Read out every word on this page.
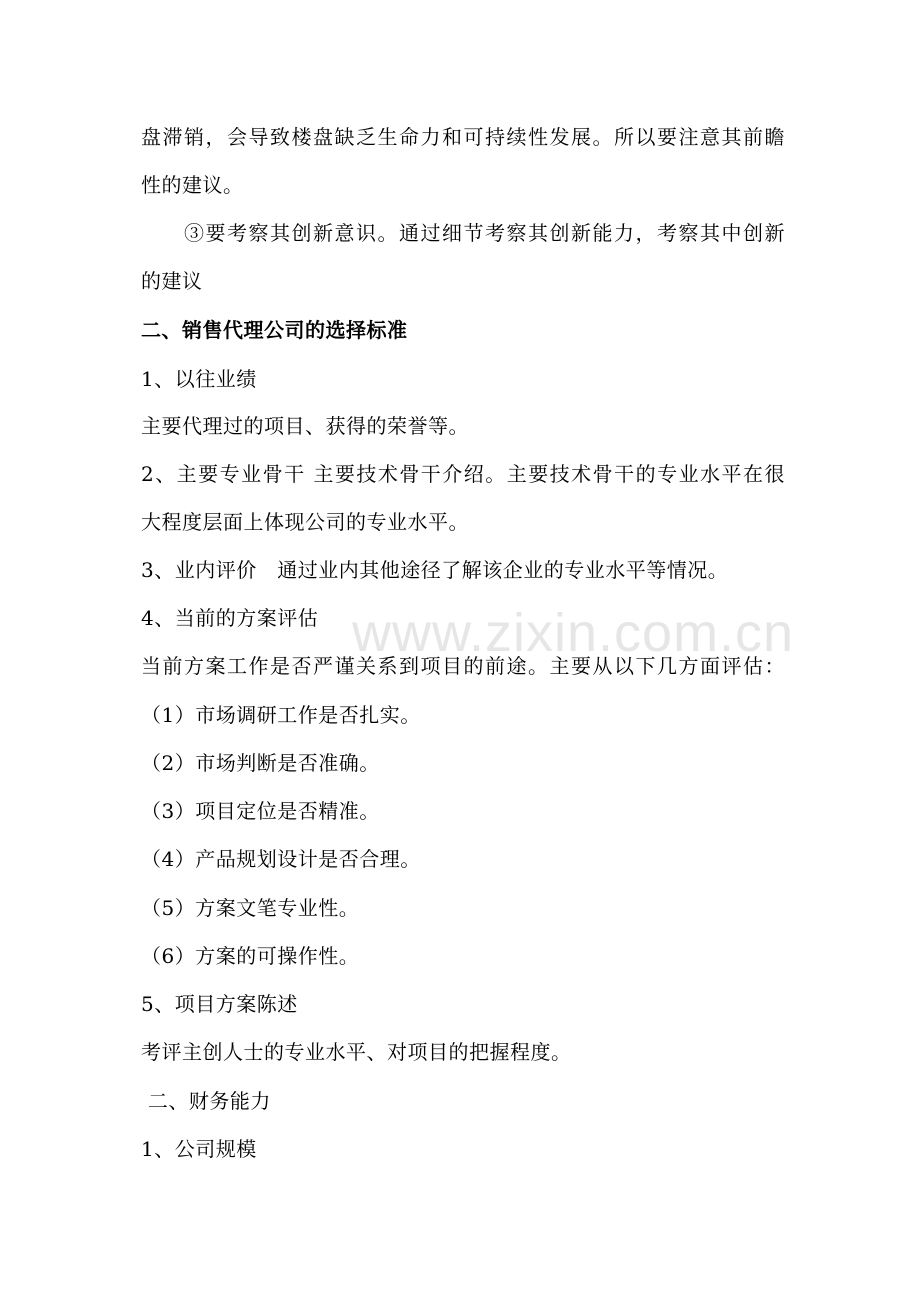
www.zixin.com.cn
盘滞销，会导致楼盘缺乏生命力和可持续性发展。所以要注意其前瞻
性的建议。
③要考察其创新意识。通过细节考察其创新能力，考察其中创新
的建议
二、销售代理公司的选择标准
1、以往业绩
主要代理过的项目、获得的荣誉等。
2、主要专业骨干 主要技术骨干介绍。主要技术骨干的专业水平在很
大程度层面上体现公司的专业水平。
3、业内评价   通过业内其他途径了解该企业的专业水平等情况。
4、当前的方案评估
当前方案工作是否严谨关系到项目的前途。主要从以下几方面评估：
（1）市场调研工作是否扎实。
（2）市场判断是否准确。
（3）项目定位是否精准。
（4）产品规划设计是否合理。
（5）方案文笔专业性。
（6）方案的可操作性。
5、项目方案陈述
考评主创人士的专业水平、对项目的把握程度。
二、财务能力
1、公司规模
